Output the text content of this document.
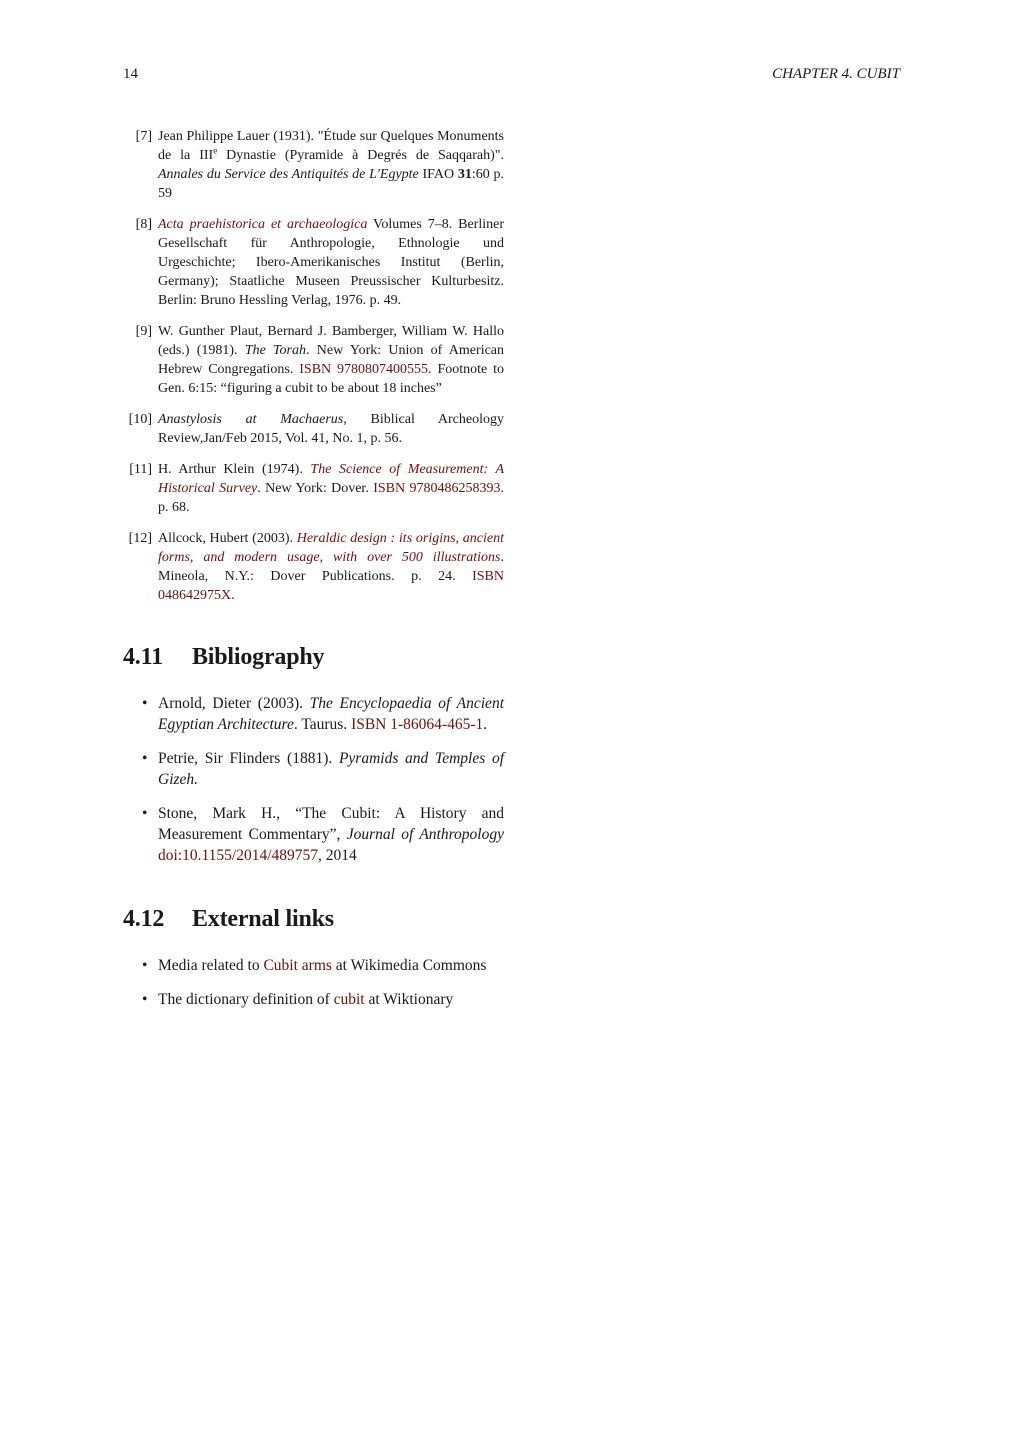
14	CHAPTER 4. CUBIT
[7] Jean Philippe Lauer (1931). "Étude sur Quelques Monuments de la IIIe Dynastie (Pyramide à Degrés de Saqqarah)". Annales du Service des Antiquités de L'Egypte IFAO 31:60 p. 59
[8] Acta praehistorica et archaeologica Volumes 7–8. Berliner Gesellschaft für Anthropologie, Ethnologie und Urgeschichte; Ibero-Amerikanisches Institut (Berlin, Germany); Staatliche Museen Preussischer Kulturbesitz. Berlin: Bruno Hessling Verlag, 1976. p. 49.
[9] W. Gunther Plaut, Bernard J. Bamberger, William W. Hallo (eds.) (1981). The Torah. New York: Union of American Hebrew Congregations. ISBN 9780807400555. Footnote to Gen. 6:15: “figuring a cubit to be about 18 inches”
[10] Anastylosis at Machaerus, Biblical Archeology Review,Jan/Feb 2015, Vol. 41, No. 1, p. 56.
[11] H. Arthur Klein (1974). The Science of Measurement: A Historical Survey. New York: Dover. ISBN 9780486258393. p. 68.
[12] Allcock, Hubert (2003). Heraldic design : its origins, ancient forms, and modern usage, with over 500 illustrations. Mineola, N.Y.: Dover Publications. p. 24. ISBN 048642975X.
4.11 Bibliography
• Arnold, Dieter (2003). The Encyclopaedia of Ancient Egyptian Architecture. Taurus. ISBN 1-86064-465-1.
• Petrie, Sir Flinders (1881). Pyramids and Temples of Gizeh.
• Stone, Mark H., “The Cubit: A History and Measurement Commentary”, Journal of Anthropology doi:10.1155/2014/489757, 2014
4.12 External links
• Media related to Cubit arms at Wikimedia Commons
• The dictionary definition of cubit at Wiktionary
